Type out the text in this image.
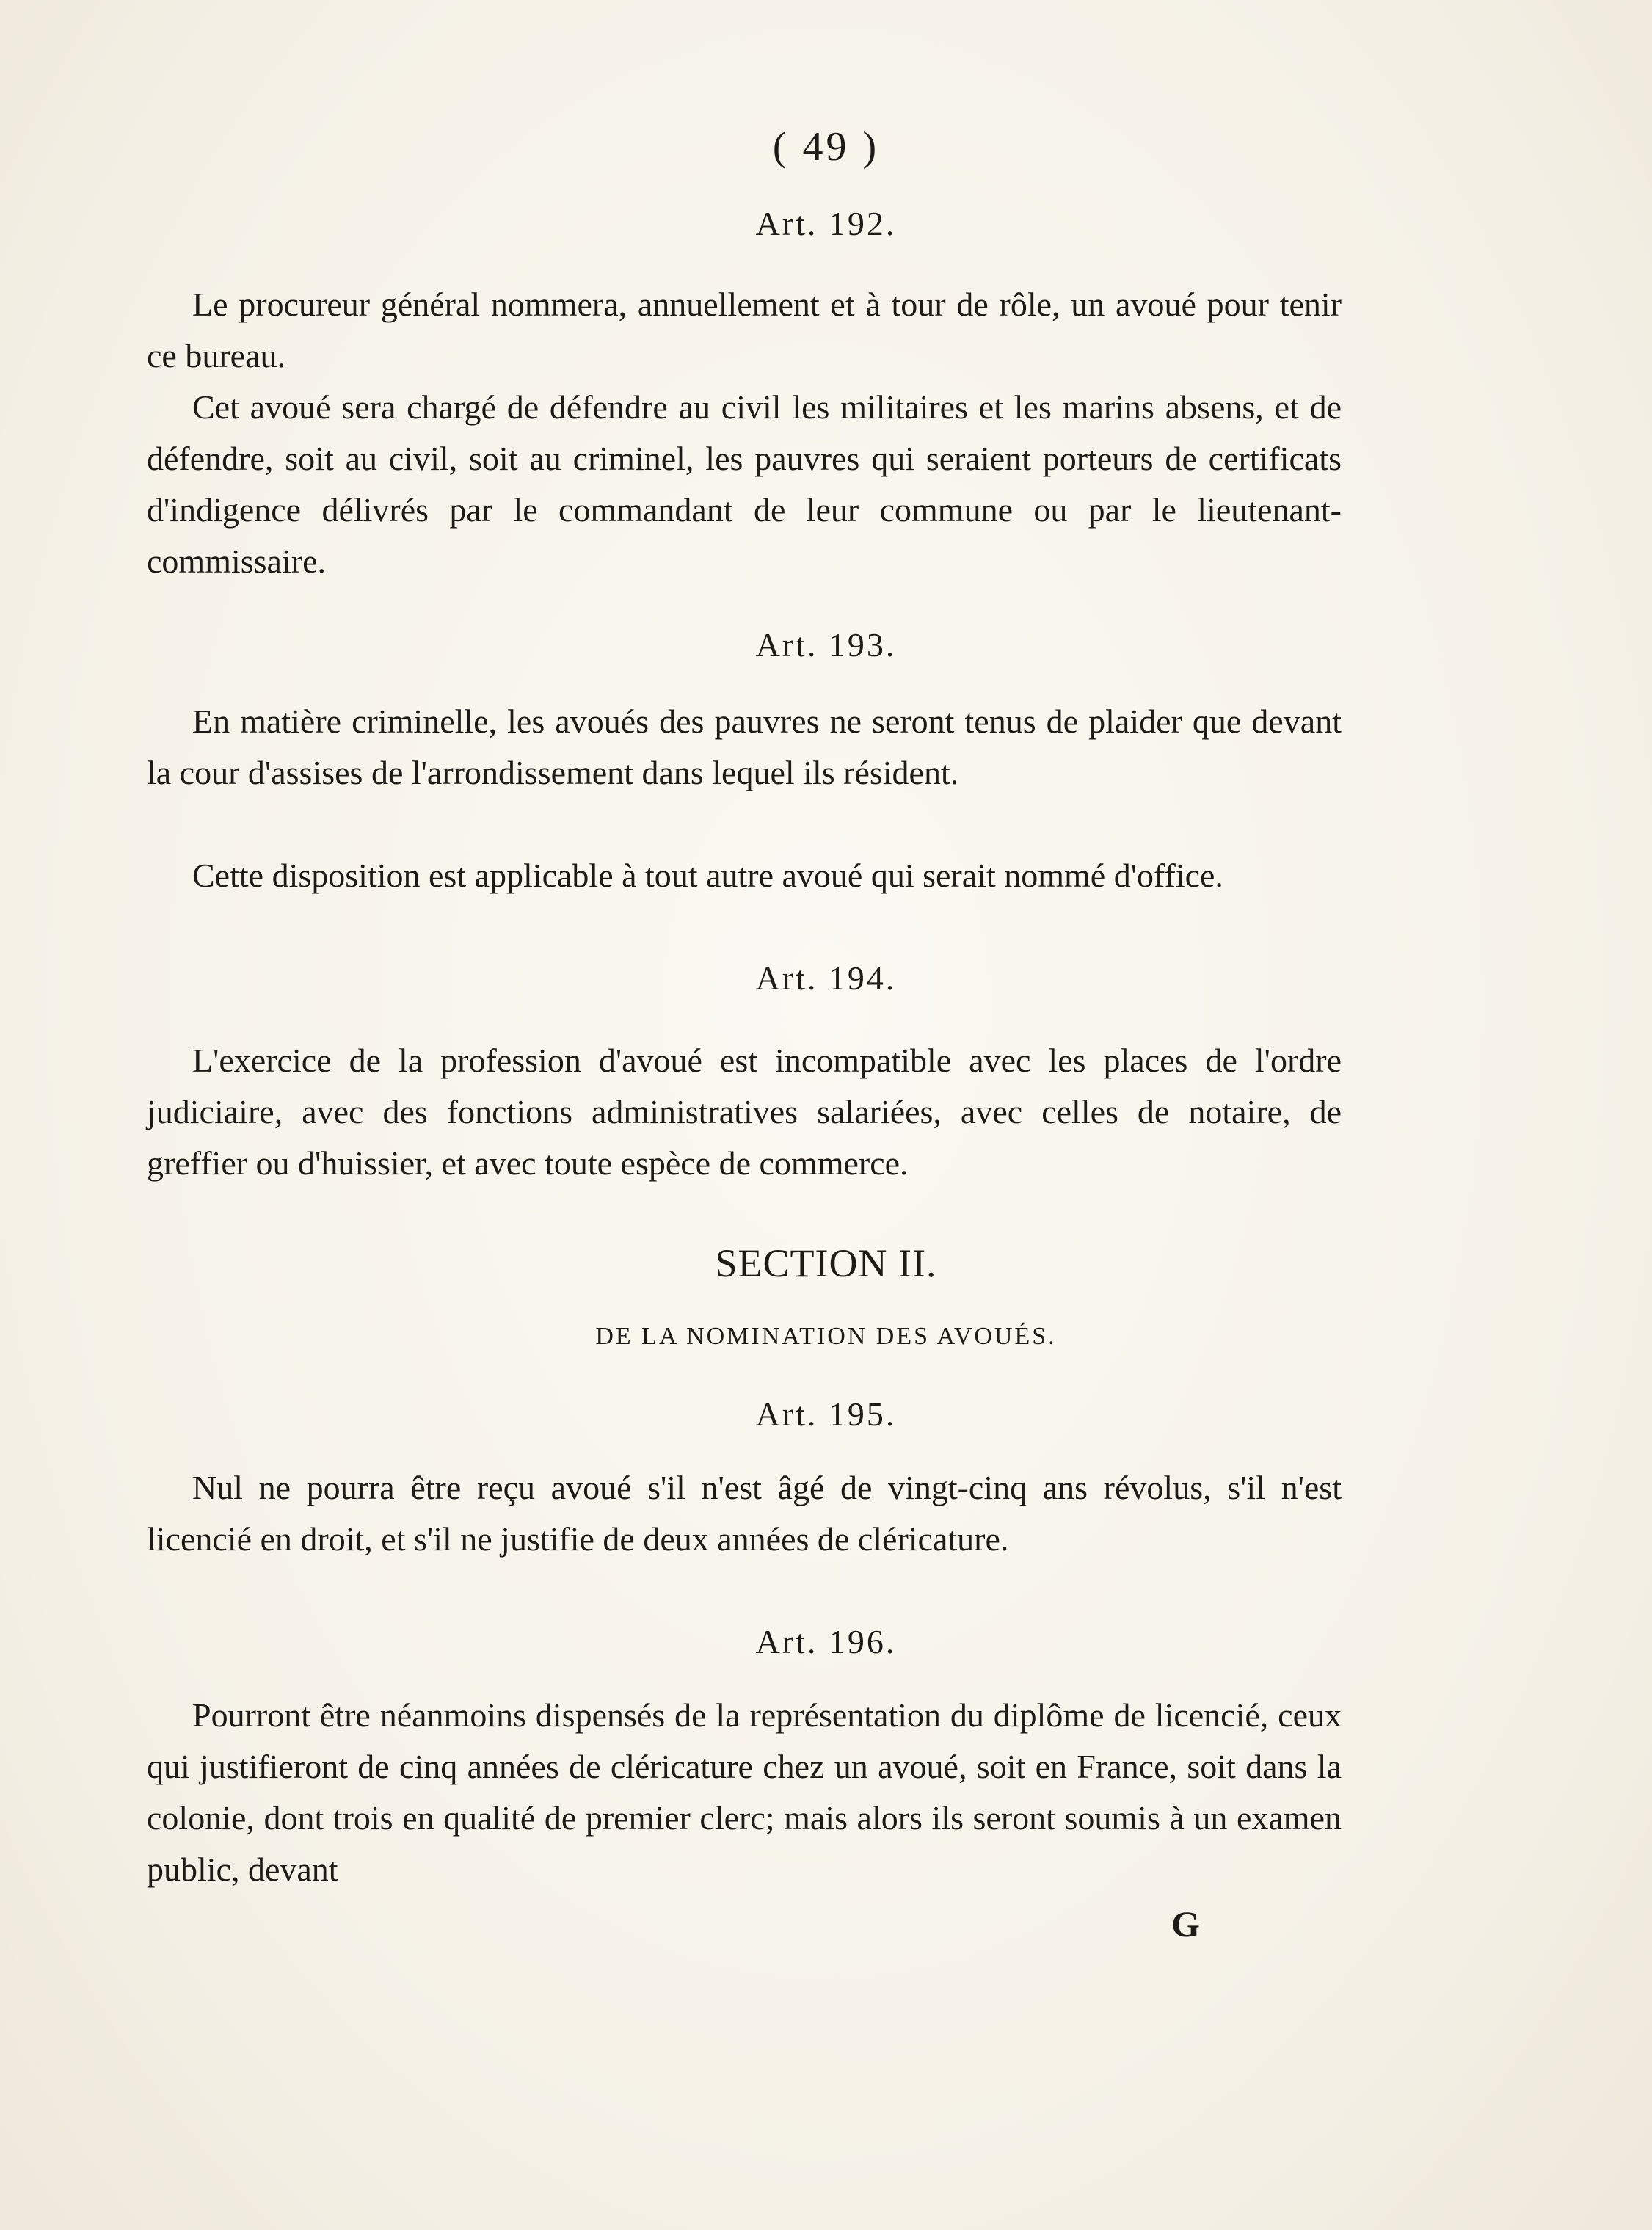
( 49 )
Art. 192.

Le procureur général nommera, annuellement et à tour de rôle, un avoué pour tenir ce bureau.

Cet avoué sera chargé de défendre au civil les militaires et les marins absens, et de défendre, soit au civil, soit au criminel, les pauvres qui seraient porteurs de certificats d'indigence délivrés par le commandant de leur commune ou par le lieutenant-commissaire.

Art. 193.

En matière criminelle, les avoués des pauvres ne seront tenus de plaider que devant la cour d'assises de l'arrondissement dans lequel ils résident.

Cette disposition est applicable à tout autre avoué qui serait nommé d'office.

Art. 194.

L'exercice de la profession d'avoué est incompatible avec les places de l'ordre judiciaire, avec des fonctions administratives salariées, avec celles de notaire, de greffier ou d'huissier, et avec toute espèce de commerce.

SECTION II.
DE LA NOMINATION DES AVOUÉS.
Art. 195.

Nul ne pourra être reçu avoué s'il n'est âgé de vingt-cinq ans révolus, s'il n'est licencié en droit, et s'il ne justifie de deux années de cléricature.

Art. 196.

Pourront être néanmoins dispensés de la représentation du diplôme de licencié, ceux qui justifieront de cinq années de cléricature chez un avoué, soit en France, soit dans la colonie, dont trois en qualité de premier clerc; mais alors ils seront soumis à un examen public, devant

G
